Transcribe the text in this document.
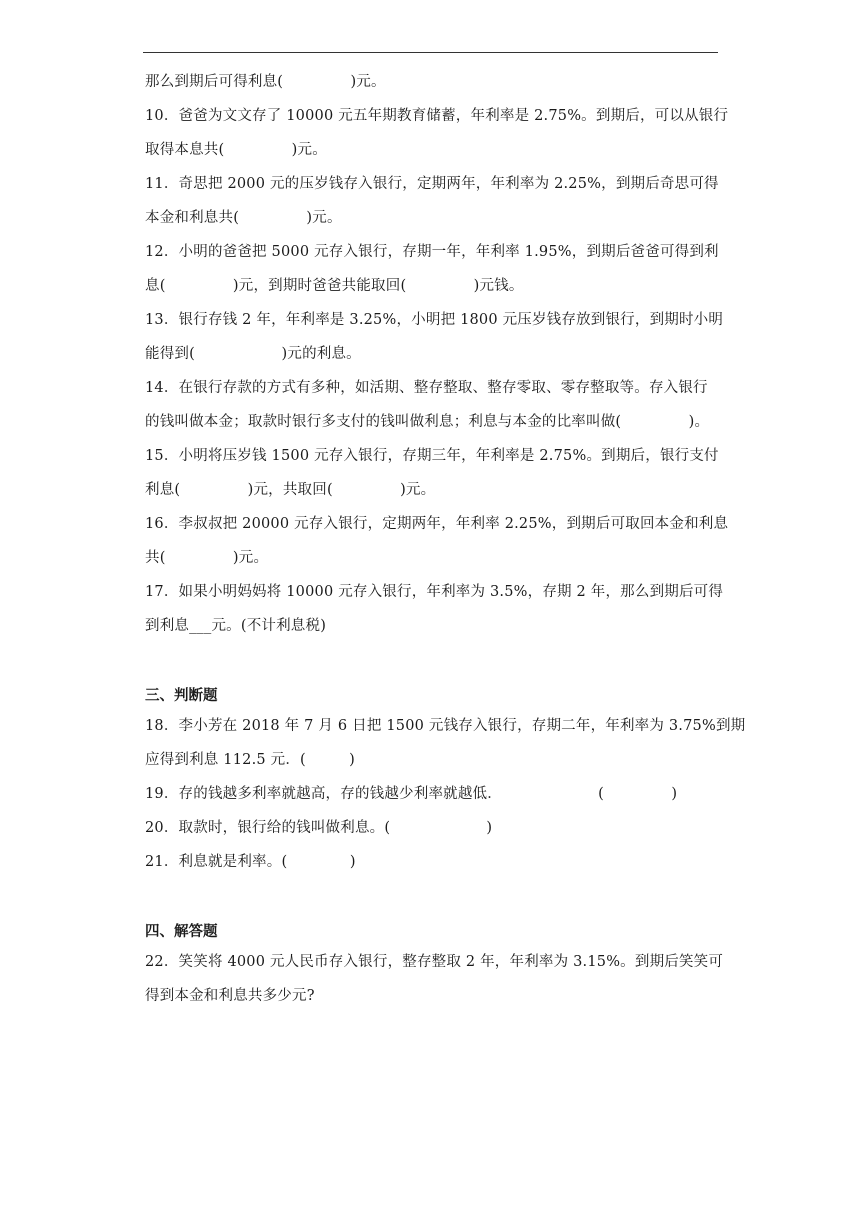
那么到期后可得利息(              )元。
10．爸爸为文文存了 10000 元五年期教育储蓄，年利率是 2.75%。到期后，可以从银行
取得本息共(              )元。
11．奇思把 2000 元的压岁钱存入银行，定期两年，年利率为 2.25%，到期后奇思可得
本金和利息共(              )元。
12．小明的爸爸把 5000 元存入银行，存期一年，年利率 1.95%，到期后爸爸可得到利
息(              )元，到期时爸爸共能取回(              )元钱。
13．银行存钱 2 年，年利率是 3.25%，小明把 1800 元压岁钱存放到银行，到期时小明
能得到(                  )元的利息。
14．在银行存款的方式有多种，如活期、整存整取、整存零取、零存整取等。存入银行
的钱叫做本金；取款时银行多支付的钱叫做利息；利息与本金的比率叫做(              )。
15．小明将压岁钱 1500 元存入银行，存期三年，年利率是 2.75%。到期后，银行支付
利息(              )元，共取回(              )元。
16．李叔叔把 20000 元存入银行，定期两年，年利率 2.25%，到期后可取回本金和利息
共(              )元。
17．如果小明妈妈将 10000 元存入银行，年利率为 3.5%，存期 2 年，那么到期后可得
到利息___元。(不计利息税)
三、判断题
18．李小芳在 2018 年 7 月 6 日把 1500 元钱存入银行，存期二年，年利率为 3.75%到期
应得到利息 112.5 元．(         )
19．存的钱越多利率就越高，存的钱越少利率就越低．                    (              )
20．取款时，银行给的钱叫做利息。(                    )
21．利息就是利率。(             )
四、解答题
22．笑笑将 4000 元人民币存入银行，整存整取 2 年，年利率为 3.15%。到期后笑笑可
得到本金和利息共多少元?
